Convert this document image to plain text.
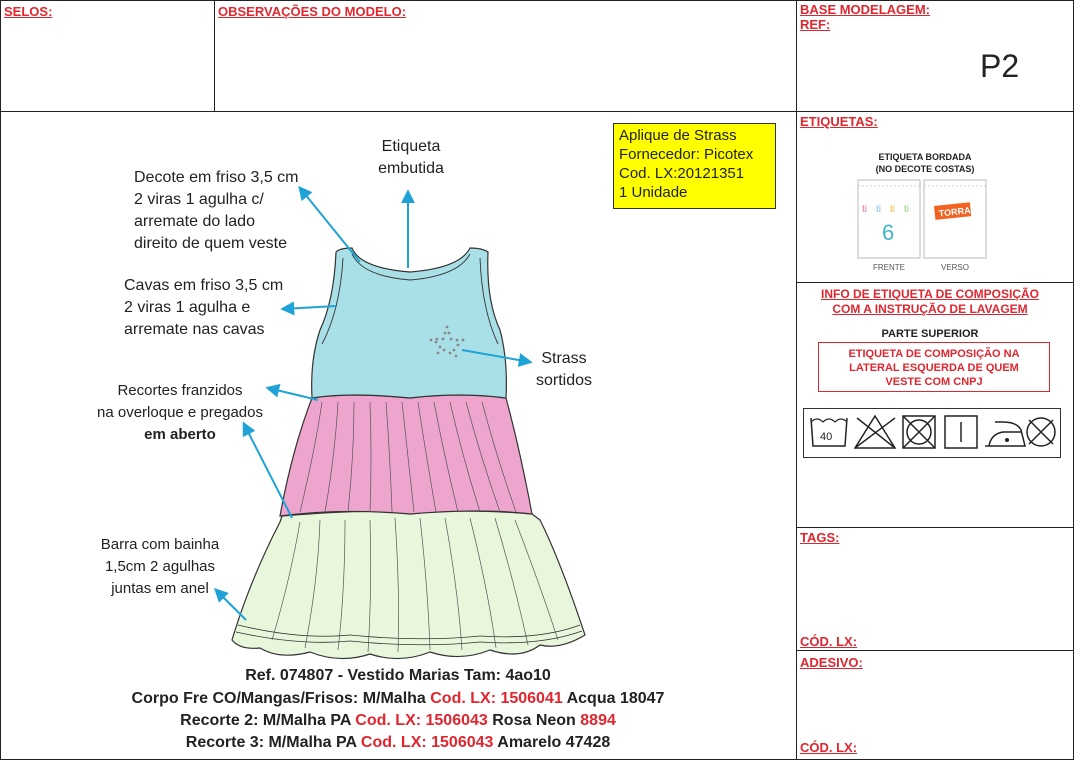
SELOS:	OBSERVAÇÕES DO MODELO:	BASE MODELAGEM:
REF:
P2
ETIQUETAS:
ETIQUETA BORDADA
(NO DECOTE COSTAS)
ti ti ti ti
6
TORRA
FRENTE	VERSO
INFO DE ETIQUETA DE COMPOSIÇÃO
COM A INSTRUÇÃO DE LAVAGEM
PARTE SUPERIOR
ETIQUETA DE COMPOSIÇÃO NA
LATERAL ESQUERDA DE QUEM
VESTE COM CNPJ
40
TAGS:
CÓD. LX:
ADESIVO:
CÓD. LX:
Aplique de Strass
Fornecedor: Picotex
Cod. LX:20121351
1 Unidade
Etiqueta
embutida
Decote em friso 3,5 cm
2 viras 1 agulha c/
arremate do lado
direito de quem veste
Cavas em friso 3,5 cm
2 viras 1 agulha e
arremate nas cavas
Strass
sortidos
Recortes franzidos
na overloque e pregados
em aberto
Barra com bainha
1,5cm 2 agulhas
juntas em anel
Ref. 074807 - Vestido Marias Tam: 4ao10
Corpo Fre CO/Mangas/Frisos: M/Malha Cod. LX: 1506041 Acqua 18047
Recorte 2: M/Malha PA Cod. LX: 1506043 Rosa Neon 8894
Recorte 3: M/Malha PA Cod. LX: 1506043 Amarelo 47428
